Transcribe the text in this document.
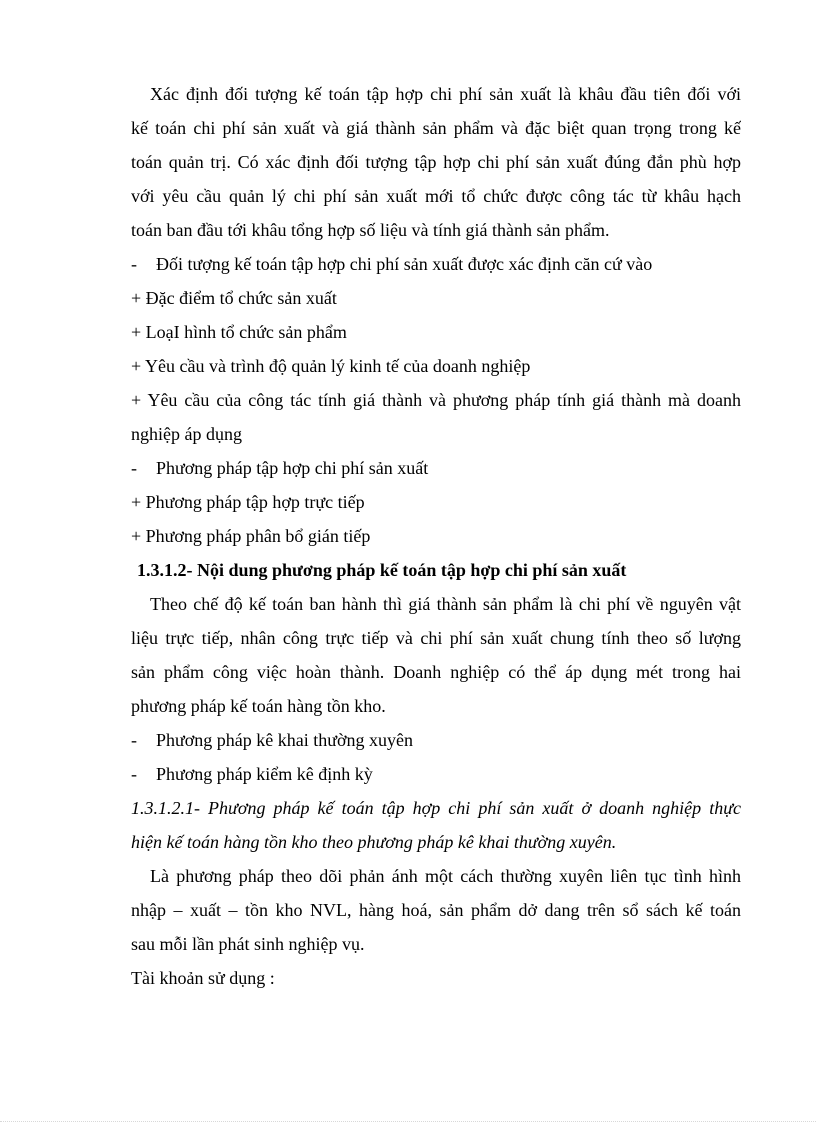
Xác định đối tượng kế toán tập hợp chi phí sản xuất là khâu đầu tiên đối với
kế toán chi phí sản xuất và giá thành sản phẩm và đặc biệt quan trọng trong kế
toán quản trị. Có xác định đối tượng tập hợp chi phí sản xuất đúng đắn phù hợp
với yêu cầu quản lý chi phí sản xuất mới tổ chức được công tác từ khâu hạch
toán ban đầu tới khâu tổng hợp số liệu và tính giá thành sản phẩm.
-	Đối tượng kế toán tập hợp chi phí sản xuất được xác định căn cứ vào
+ Đặc điểm tổ chức sản xuất
+ LoạI hình tổ chức sản phẩm
+ Yêu cầu và trình độ quản lý kinh tế của doanh nghiệp
+ Yêu cầu của công tác tính giá thành và phương pháp tính giá thành mà doanh
nghiệp áp dụng
-	Phương pháp tập hợp chi phí sản xuất
+ Phương pháp tập hợp trực tiếp
+ Phương pháp phân bổ gián tiếp
1.3.1.2- Nội dung phương pháp kế toán tập hợp chi phí sản xuất
Theo chế độ kế toán ban hành thì giá thành sản phẩm là chi phí về nguyên vật
liệu trực tiếp, nhân công trực tiếp và chi phí sản xuất chung tính theo số lượng
sản phẩm công việc hoàn thành. Doanh nghiệp có thể áp dụng mét trong hai
phương pháp kế toán hàng tồn kho.
-	Phương pháp kê khai thường xuyên
-	Phương pháp kiểm kê định kỳ
1.3.1.2.1- Phương pháp kế toán tập hợp chi phí sản xuất ở doanh nghiệp thực
hiện kế toán hàng tồn kho theo phương pháp kê khai thường xuyên.
Là phương pháp theo dõi phản ánh một cách thường xuyên liên tục tình hình
nhập – xuất – tồn kho NVL, hàng hoá, sản phẩm dở dang trên sổ sách kế toán
sau mỗi lần phát sinh nghiệp vụ.
Tài khoản sử dụng :
